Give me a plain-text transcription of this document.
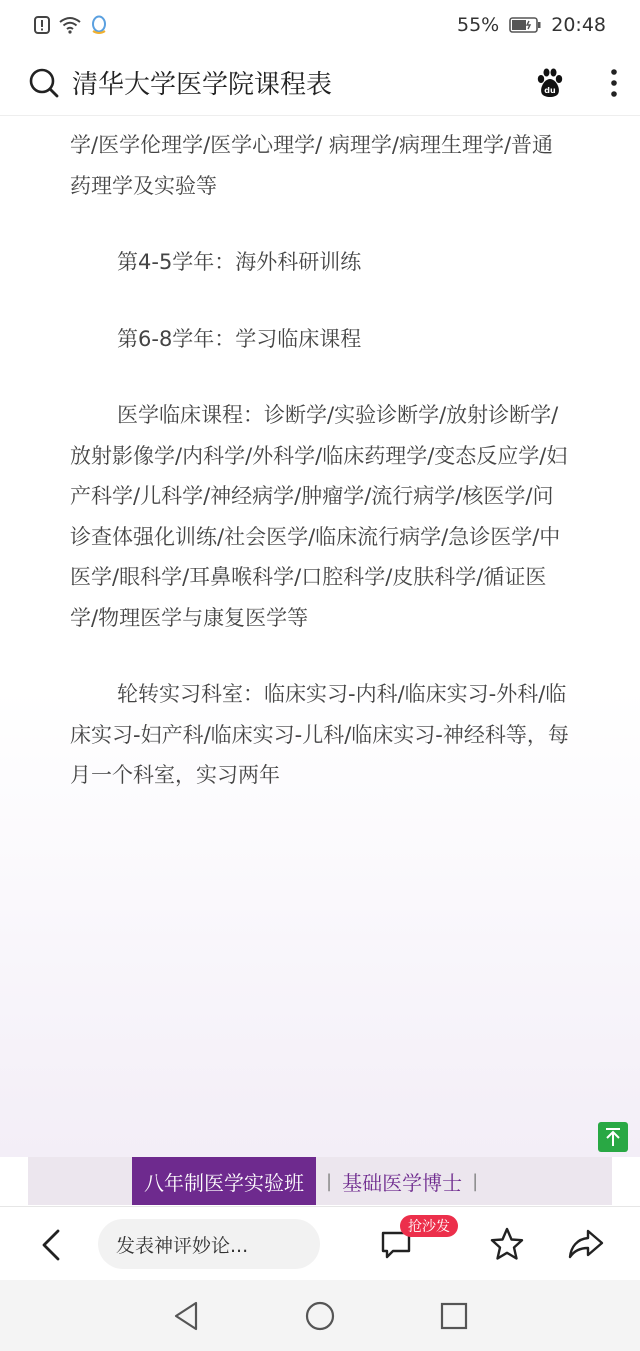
55%	20:48
清华大学医学院课程表	du

学/医学伦理学/医学心理学/ 病理学/病理生理学/普通药理学及实验等

第4-5学年：海外科研训练

第6-8学年：学习临床课程

医学临床课程：诊断学/实验诊断学/放射诊断学/放射影像学/内科学/外科学/临床药理学/变态反应学/妇产科学/儿科学/神经病学/肿瘤学/流行病学/核医学/问诊查体强化训练/社会医学/临床流行病学/急诊医学/中医学/眼科学/耳鼻喉科学/口腔科学/皮肤科学/循证医学/物理医学与康复医学等

轮转实习科室：临床实习-内科/临床实习-外科/临床实习-妇产科/临床实习-儿科/临床实习-神经科等，每月一个科室，实习两年

八年制医学实验班	| 基础医学博士 |
发表神评妙论...
抢沙发
